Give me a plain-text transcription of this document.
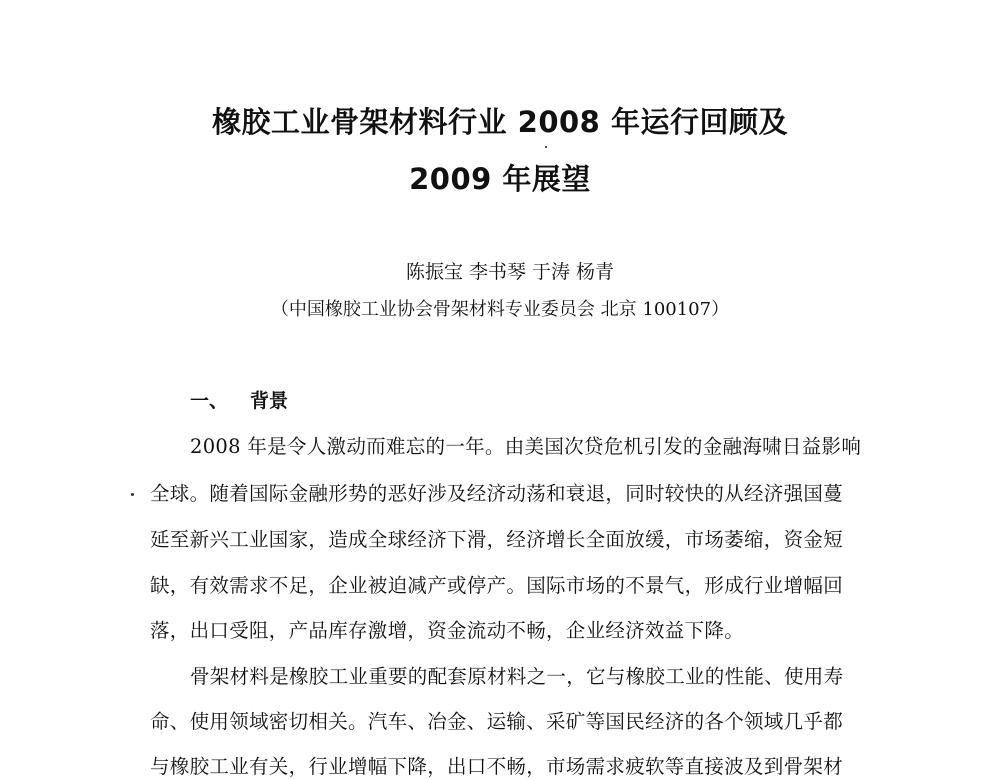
橡胶工业骨架材料行业 2008 年运行回顾及
2009 年展望
陈振宝 李书琴 于涛 杨青
（中国橡胶工业协会骨架材料专业委员会 北京 100107）
一、 背景
2008 年是令人激动而难忘的一年。由美国次贷危机引发的金融海啸日益影响
全球。随着国际金融形势的恶好涉及经济动荡和衰退，同时较快的从经济强国蔓
延至新兴工业国家，造成全球经济下滑，经济增长全面放缓，市场萎缩，资金短
缺，有效需求不足，企业被迫减产或停产。国际市场的不景气，形成行业增幅回
落，出口受阻，产品库存激增，资金流动不畅，企业经济效益下降。
骨架材料是橡胶工业重要的配套原材料之一，它与橡胶工业的性能、使用寿
命、使用领域密切相关。汽车、冶金、运输、采矿等国民经济的各个领域几乎都
与橡胶工业有关，行业增幅下降，出口不畅，市场需求疲软等直接波及到骨架材
